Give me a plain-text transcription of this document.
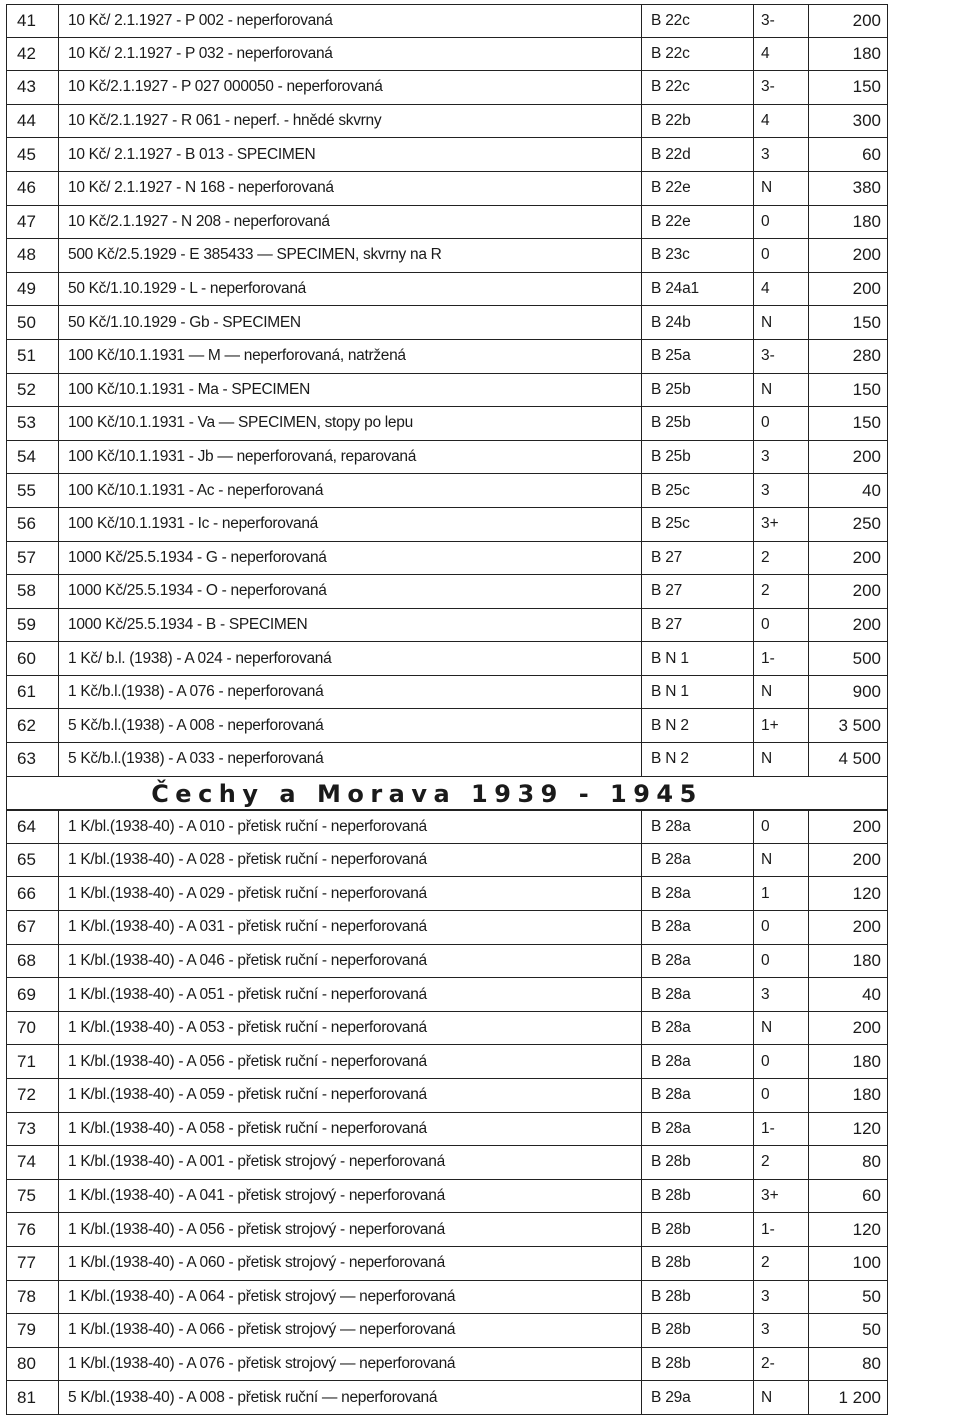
41	10 Kč/ 2.1.1927 - P 002 - neperforovaná	B 22c	3-	200
42	10 Kč/ 2.1.1927 - P 032 - neperforovaná	B 22c	4	180
43	10 Kč/2.1.1927 - P 027 000050 - neperforovaná	B 22c	3-	150
44	10 Kč/2.1.1927 - R 061 - neperf. - hnědé skvrny	B 22b	4	300
45	10 Kč/ 2.1.1927 - B 013 - SPECIMEN	B 22d	3	60
46	10 Kč/ 2.1.1927 - N 168 - neperforovaná	B 22e	N	380
47	10 Kč/2.1.1927 - N 208 - neperforovaná	B 22e	0	180
48	500 Kč/2.5.1929 - E 385433 — SPECIMEN, skvrny na R	B 23c	0	200
49	50 Kč/1.10.1929 - L - neperforovaná	B 24a1	4	200
50	50 Kč/1.10.1929 - Gb - SPECIMEN	B 24b	N	150
51	100 Kč/10.1.1931 — M — neperforovaná, natržená	B 25a	3-	280
52	100 Kč/10.1.1931 - Ma - SPECIMEN	B 25b	N	150
53	100 Kč/10.1.1931 - Va — SPECIMEN, stopy po lepu	B 25b	0	150
54	100 Kč/10.1.1931 - Jb — neperforovaná, reparovaná	B 25b	3	200
55	100 Kč/10.1.1931 - Ac - neperforovaná	B 25c	3	40
56	100 Kč/10.1.1931 - Ic - neperforovaná	B 25c	3+	250
57	1000 Kč/25.5.1934 - G - neperforovaná	B 27	2	200
58	1000 Kč/25.5.1934 - O - neperforovaná	B 27	2	200
59	1000 Kč/25.5.1934 - B - SPECIMEN	B 27	0	200
60	1 Kč/ b.l. (1938) - A 024 - neperforovaná	B N 1	1-	500
61	1 Kč/b.l.(1938) - A 076 - neperforovaná	B N 1	N	900
62	5 Kč/b.l.(1938) - A 008 - neperforovaná	B N 2	1+	3 500
63	5 Kč/b.l.(1938) - A 033 - neperforovaná	B N 2	N	4 500
Čechy a Morava 1939 - 1945
64	1 K/bl.(1938-40) - A 010 - přetisk ruční - neperforovaná	B 28a	0	200
65	1 K/bl.(1938-40) - A 028 - přetisk ruční - neperforovaná	B 28a	N	200
66	1 K/bl.(1938-40) - A 029 - přetisk ruční - neperforovaná	B 28a	1	120
67	1 K/bl.(1938-40) - A 031 - přetisk ruční - neperforovaná	B 28a	0	200
68	1 K/bl.(1938-40) - A 046 - přetisk ruční - neperforovaná	B 28a	0	180
69	1 K/bl.(1938-40) - A 051 - přetisk ruční - neperforovaná	B 28a	3	40
70	1 K/bl.(1938-40) - A 053 - přetisk ruční - neperforovaná	B 28a	N	200
71	1 K/bl.(1938-40) - A 056 - přetisk ruční - neperforovaná	B 28a	0	180
72	1 K/bl.(1938-40) - A 059 - přetisk ruční - neperforovaná	B 28a	0	180
73	1 K/bl.(1938-40) - A 058 - přetisk ruční - neperforovaná	B 28a	1-	120
74	1 K/bl.(1938-40) - A 001 - přetisk strojový - neperforovaná	B 28b	2	80
75	1 K/bl.(1938-40) - A 041 - přetisk strojový - neperforovaná	B 28b	3+	60
76	1 K/bl.(1938-40) - A 056 - přetisk strojový - neperforovaná	B 28b	1-	120
77	1 K/bl.(1938-40) - A 060 - přetisk strojový - neperforovaná	B 28b	2	100
78	1 K/bl.(1938-40) - A 064 - přetisk strojový — neperforovaná	B 28b	3	50
79	1 K/bl.(1938-40) - A 066 - přetisk strojový — neperforovaná	B 28b	3	50
80	1 K/bl.(1938-40) - A 076 - přetisk strojový — neperforovaná	B 28b	2-	80
81	5 K/bl.(1938-40) - A 008 - přetisk ruční — neperforovaná	B 29a	N	1 200
